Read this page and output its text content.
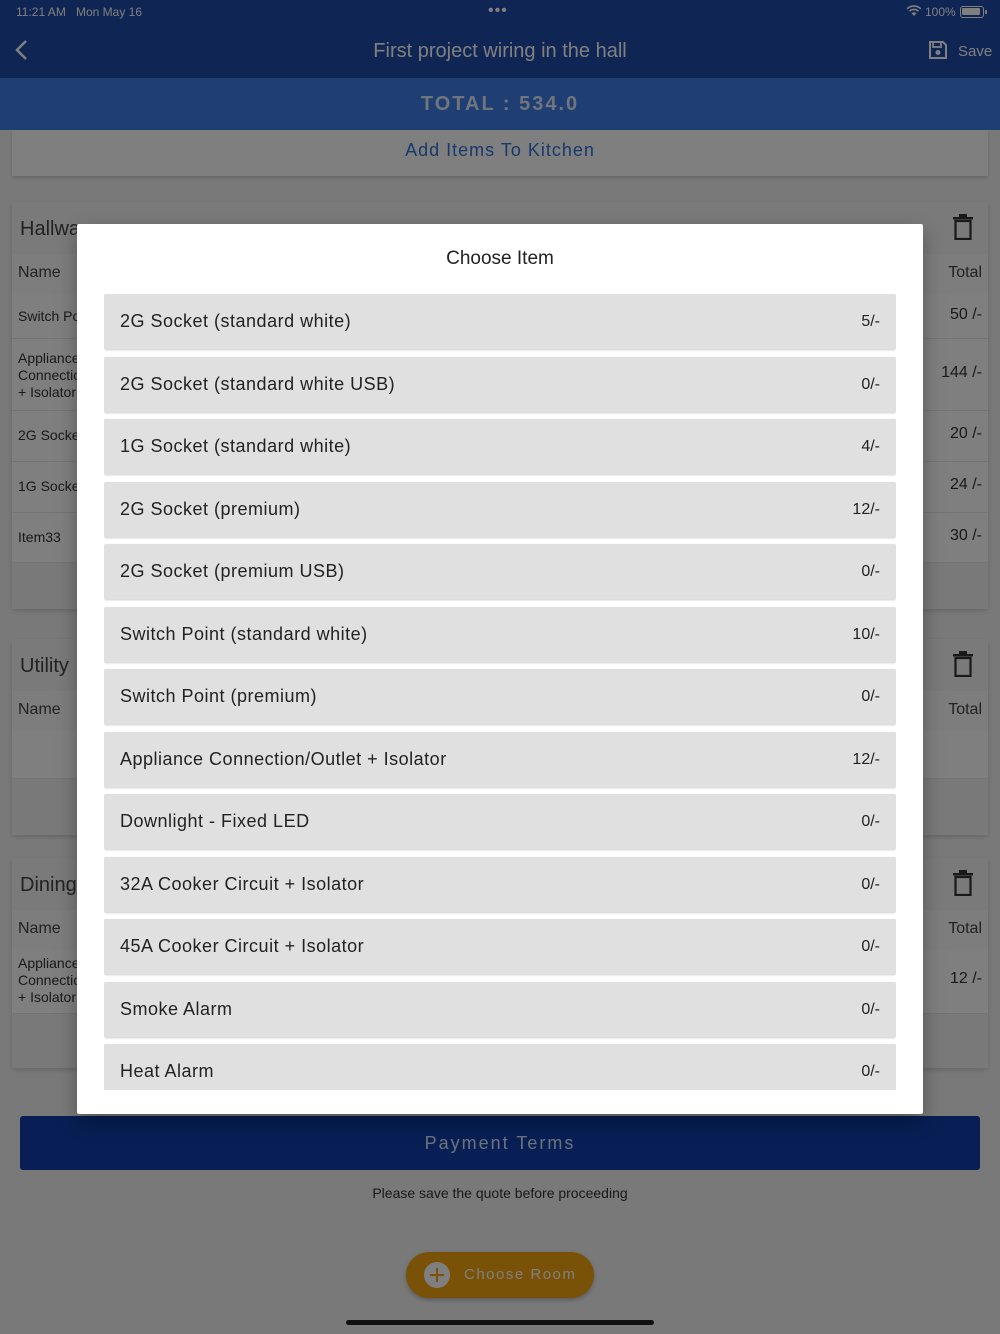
Choose Item
2G Socket (standard white)	5/-
2G Socket (standard white USB)	0/-
1G Socket (standard white)	4/-
2G Socket (premium)	12/-
2G Socket (premium USB)	0/-
Switch Point (standard white)	10/-
Switch Point (premium)	0/-
Appliance Connection/Outlet + Isolator	12/-
Downlight - Fixed LED	0/-
32A Cooker Circuit + Isolator	0/-
45A Cooker Circuit + Isolator	0/-
Smoke Alarm	0/-
Heat Alarm	0/-
